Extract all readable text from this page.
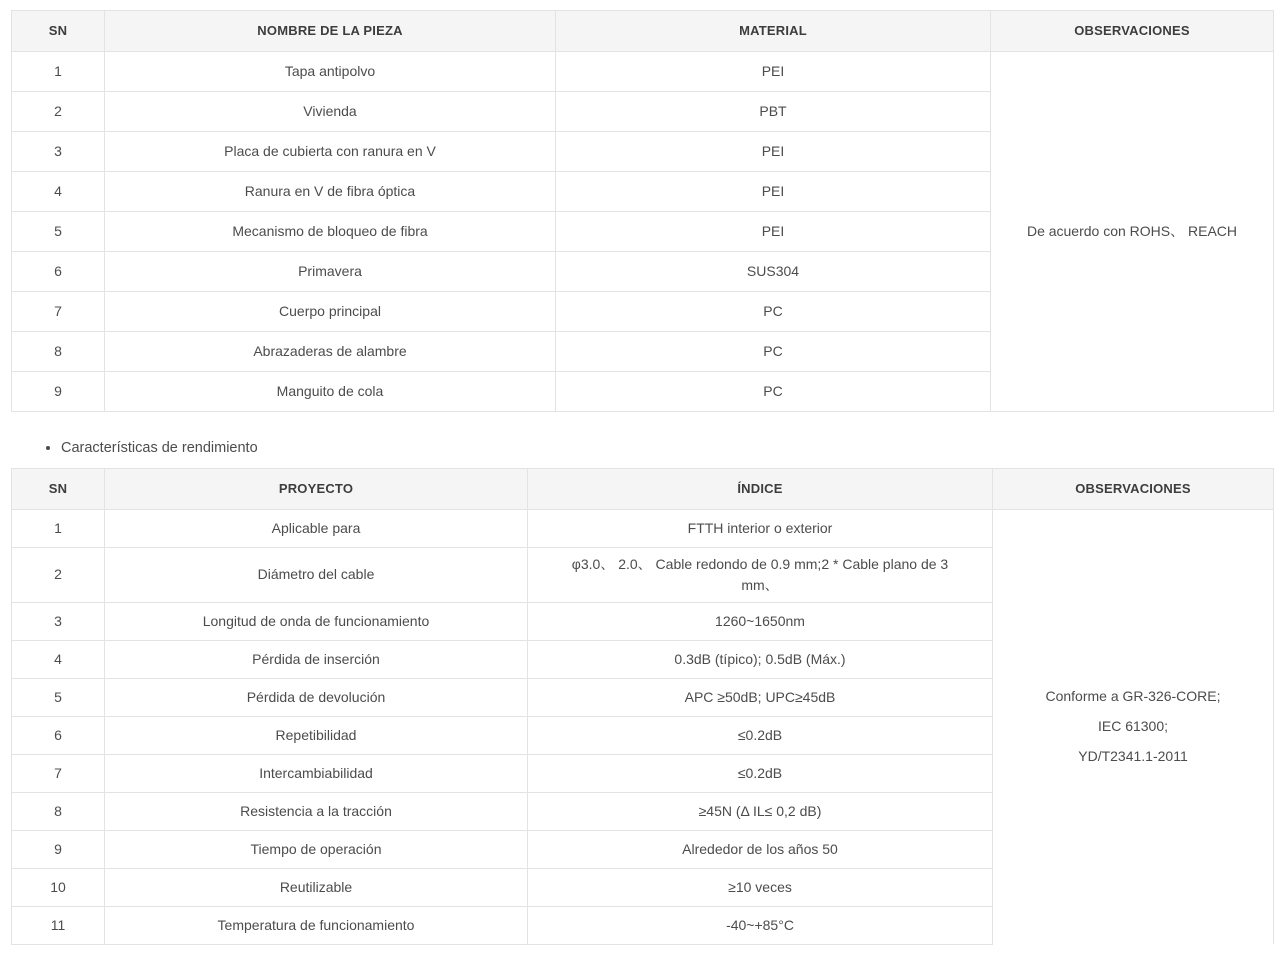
SN	NOMBRE DE LA PIEZA	MATERIAL	OBSERVACIONES
1	Tapa antipolvo	PEI	De acuerdo con ROHS、 REACH
2	Vivienda	PBT	
3	Placa de cubierta con ranura en V	PEI	
4	Ranura en V de fibra óptica	PEI	
5	Mecanismo de bloqueo de fibra	PEI	
6	Primavera	SUS304	
7	Cuerpo principal	PC	
8	Abrazaderas de alambre	PC	
9	Manguito de cola	PC	
• Características de rendimiento
SN	PROYECTO	ÍNDICE	OBSERVACIONES
1	Aplicable para	FTTH interior o exterior	Conforme a GR-326-CORE;

IEC 61300;

YD/T2341.1-2011

2	Diámetro del cable	φ3.0、 2.0、 Cable redondo de 0.9 mm;2 * Cable plano de 3 mm、	
3	Longitud de onda de funcionamiento	1260~1650nm	
4	Pérdida de inserción	0.3dB (típico); 0.5dB (Máx.)	
5	Pérdida de devolución	APC ≥50dB; UPC≥45dB	
6	Repetibilidad	≤0.2dB	
7	Intercambiabilidad	≤0.2dB	
8	Resistencia a la tracción	≥45N (Δ IL≤ 0,2 dB)	
9	Tiempo de operación	Alrededor de los años 50	
10	Reutilizable	≥10 veces	
11	Temperatura de funcionamiento	-40~+85°C	
